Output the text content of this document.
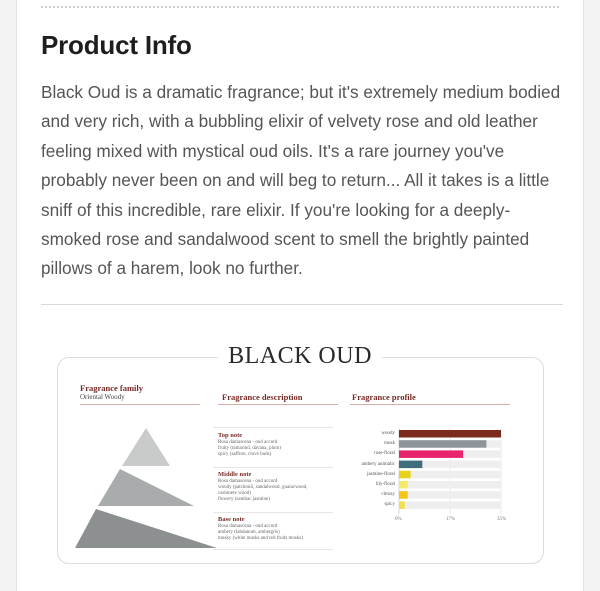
Product Info

Black Oud is a dramatic fragrance; but it's extremely medium bodied and very rich, with a bubbling elixir of velvety rose and old leather feeling mixed with mystical oud oils. It's a rare journey you've probably never been on and will beg to return... All it takes is a little sniff of this incredible, rare elixir. If you're looking for a deeply-smoked rose and sandalwood scent to smell the brightly painted pillows of a harem, look no further.

BLACK OUD
Fragrance family
Oriental Woody	Fragrance description	Fragrance profile
Top note
Rosa damascena - oud accord
fruity (tamarind, davana, plum)
spicy (saffron, clove buds)
Middle note
Rosa damascena - oud accord
woody (patchouli, sandalwood, guaiacwood,
cashmere wood)
flowery (sambac jasmine)
Base note
Rosa damascena - oud accord
ambery (labdanum, ambergris)
musky (white musks and red fruits musks)
woody
musk
rose-floral
ambery animalic
jasmine-floral
lily-floral
citrusy
spicy
0%	17%	35%
